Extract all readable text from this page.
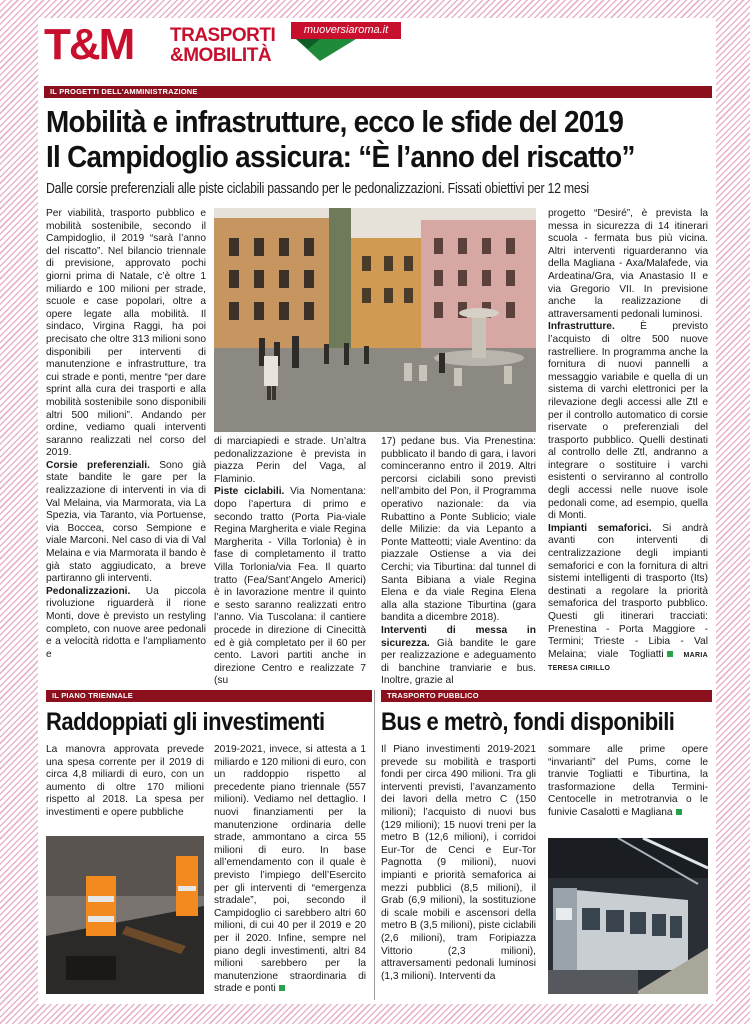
T&M TRASPORTI
&MOBILITÀ
muoversiaroma.it
IL PROGETTI DELL'AMMINISTRAZIONE
Mobilità e infrastrutture, ecco le sfide del 2019
Il Campidoglio assicura: “È l’anno del riscatto”
Dalle corsie preferenziali alle piste ciclabili passando per le pedonalizzazioni. Fissati obiettivi per 12 mesi

Per viabilità, trasporto pubblico e mobilità sostenibile, secondo il Campidoglio, il 2019 “sarà l’anno del riscatto”. Nel bilancio triennale di previsione, approvato pochi giorni prima di Natale, c’è oltre 1 miliardo e 100 milioni per strade, scuole e case popolari, oltre a opere legate alla mobilità. Il sindaco, Virgina Raggi, ha poi precisato che oltre 313 milioni sono disponibili per interventi di manutenzione e infrastrutture, tra cui strade e ponti, mentre “per dare sprint alla cura dei trasporti e alla mobilità sostenibile sono disponibili altri 500 milioni”. Andando per ordine, vediamo quali interventi saranno realizzati nel corso del 2019.

Corsie preferenziali. Sono già state bandite le gare per la realizzazione di interventi in via di Val Melaina, via Marmorata, via La Spezia, via Taranto, via Portuense, via Boccea, corso Sempione e viale Marconi. Nel caso di via di Val Melaina e via Marmorata il bando è già stato aggiudicato, a breve partiranno gli interventi.

Pedonalizzazioni. Ua piccola rivoluzione riguarderà il rione Monti, dove è previsto un restyling completo, con nuove aree pedonali e a velocità ridotta e l’ampliamento e

di marciapiedi e strade. Un’altra pedonalizzazione è prevista in piazza Perin del Vaga, al Flaminio.

Piste ciclabili. Via Nomentana: dopo l’apertura di primo e secondo tratto (Porta Pia-viale Regina Margherita e viale Regina Margherita - Villa Torlonia) è in fase di completamento il tratto Villa Torlonia/via Fea. Il quarto tratto (Fea/Sant’Angelo Americi) è in lavorazione mentre il quinto e sesto saranno realizzati entro l’anno. Via Tuscolana: il cantiere procede in direzione di Cinecittà ed è già completato per il 60 per cento. Lavori partiti anche in direzione Centro e realizzate 7 (su

17) pedane bus. Via Prenestina: pubblicato il bando di gara, i lavori cominceranno entro il 2019. Altri percorsi ciclabili sono previsti nell’ambito del Pon, il Programma operativo nazionale: da via Rubattino a Ponte Sublicio; viale delle Milizie: da via Lepanto a Ponte Matteotti; viale Aventino: da piazzale Ostiense a via dei Cerchi; via Tiburtina: dal tunnel di Santa Bibiana a viale Regina Elena e da viale Regina Elena alla alla stazione Tiburtina (gara bandita a dicembre 2018).

Interventi di messa in sicurezza. Già bandite le gare per realizzazione e adeguamento di banchine tranviarie e bus. Inoltre, grazie al

progetto “Desiré”, è prevista la messa in sicurezza di 14 itinerari scuola - fermata bus più vicina. Altri interventi riguarderanno via della Magliana - Axa/Malafede, via Ardeatina/Gra, via Anastasio II e via Gregorio VII. In previsione anche la realizzazione di attraversamenti pedonali luminosi.

Infrastrutture. È previsto l’acquisto di oltre 500 nuove rastrelliere. In programma anche la fornitura di nuovi pannelli a messaggio variabile e quella di un sistema di varchi elettronici per la rilevazione degli accessi alle Ztl e per il controllo automatico di corsie riservate o preferenziali del trasporto pubblico. Quelli destinati al controllo delle Ztl, andranno a integrare o sostituire i varchi esistenti o serviranno al controllo degli accessi nelle nuove isole pedonali come, ad esempio, quella di Monti.

Impianti semaforici. Si andrà avanti con interventi di centralizzazione degli impianti semaforici e con la fornitura di altri sistemi intelligenti di trasporto (Its) destinati a regolare la priorità semaforica del trasporto pubblico. Questi gli itinerari tracciati: Prenestina - Porta Maggiore - Termini; Trieste - Libia - Val Melaina; viale Togliatti	MARIA TERESA CIRILLO

IL PIANO TRIENNALE	TRASPORTO PUBBLICO
Raddoppiati gli investimenti Bus e metrò, fondi disponibili

La manovra approvata prevede una spesa corrente per il 2019 di circa 4,8 miliardi di euro, con un aumento di oltre 170 milioni rispetto al 2018. La spesa per investimenti e opere pubbliche

2019-2021, invece, si attesta a 1 miliardo e 120 milioni di euro, con un raddoppio rispetto al precedente piano triennale (557 milioni). Vediamo nel dettaglio. I nuovi finanziamenti per la manutenzione ordinaria delle strade, ammontano a circa 55 milioni di euro. In base all’emendamento con il quale è previsto l’impiego dell’Esercito per gli interventi di “emergenza stradale”, poi, secondo il Campidoglio ci sarebbero altri 60 milioni, di cui 40 per il 2019 e 20 per il 2020. Infine, sempre nel piano degli investimenti, altri 84 milioni sarebbero per la manutenzione straordinaria di strade e ponti

Il Piano investimenti 2019-2021 prevede su mobilità e trasporti fondi per circa 490 milioni. Tra gli interventi previsti, l’avanzamento dei lavori della metro C (150 milioni); l’acquisto di nuovi bus (129 milioni); 15 nuovi treni per la metro B (12,6 milioni), i corridoi Eur-Tor de Cenci e Eur-Tor Pagnotta (9 milioni), nuovi impianti e priorità semaforica ai mezzi pubblici (8,5 milioni), il Grab (6,9 milioni), la sostituzione di scale mobili e ascensori della metro B (3,5 milioni), piste ciclabili (2,6 milioni), tram Foripiazza Vittorio (2,3 milioni), attraversamenti pedonali luminosi (1,3 milioni). Interventi da

sommare alle prime opere “invarianti” del Pums, come le tranvie Togliatti e Tiburtina, la trasformazione della Termini-Centocelle in metrotranvia o le funivie Casalotti e Magliana
